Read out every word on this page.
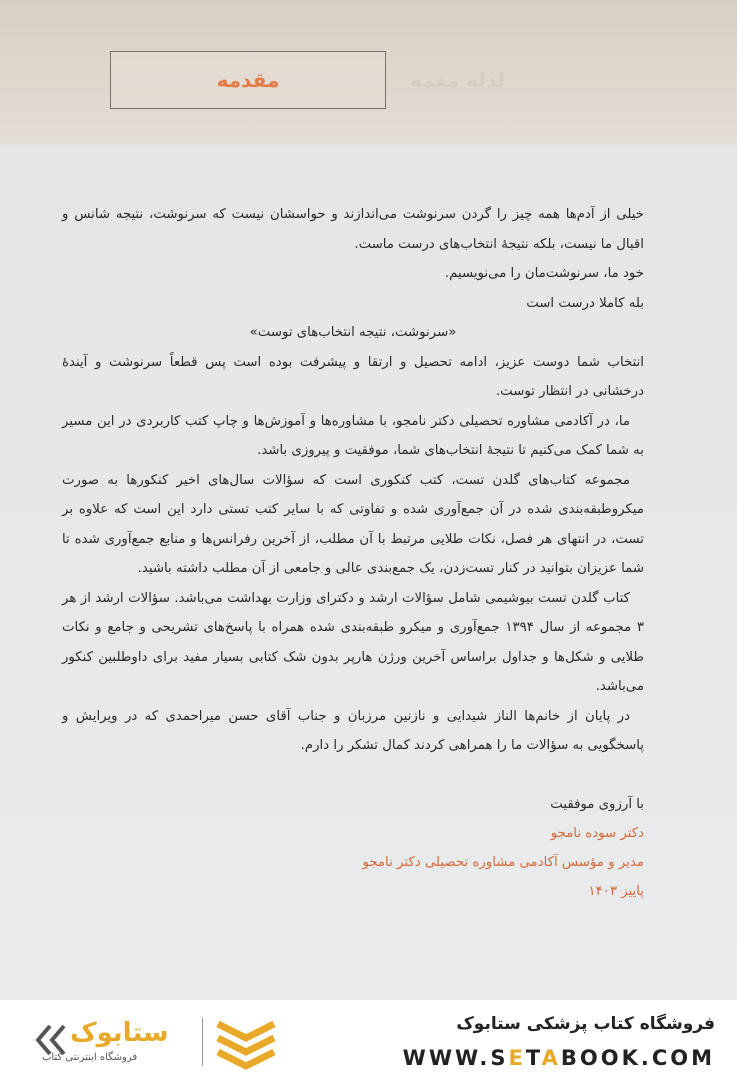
لدله معمه
مقدمه

خیلی از آدم‌ها همه چیز را گردن سرنوشت می‌اندازند و حواسشان نیست که سرنوشت، نتیجه شانس و اقبال ما نیست، بلکه نتیجهٔ انتخاب‌های درست ماست.

خود ما، سرنوشت‌مان را می‌نویسیم.

بله کاملا درست است

«سرنوشت، نتیجه انتخاب‌های توست»

انتخاب شما دوست عزیز، ادامه تحصیل و ارتقا و پیشرفت بوده است پس قطعاً سرنوشت و آیندهٔ درخشانی در انتظار توست.

ما، در آکادمی مشاوره تحصیلی دکتر نامجو، با مشاوره‌ها و آموزش‌ها و چاپ کتب کاربردی در این مسیر به شما کمک می‌کنیم تا نتیجهٔ انتخاب‌های شما، موفقیت و پیروزی باشد.

مجموعه کتاب‌های گلدن تست، کتب کنکوری است که سؤالات سال‌های اخیر کنکورها به صورت میکروطبقه‌بندی شده در آن جمع‌آوری شده و تفاوتی که با سایر کتب تستی دارد این است که علاوه بر تست، در انتهای هر فصل، نکات طلایی مرتبط با آن مطلب، از آخرین رفرانس‌ها و منابع جمع‌آوری شده تا شما عزیزان بتوانید در کنار تست‌زدن، یک جمع‌بندی عالی و جامعی از آن مطلب داشته باشید.

کتاب گلدن تست بیوشیمی شامل سؤالات ارشد و دکترای وزارت بهداشت می‌باشد. سؤالات ارشد از هر ۳ مجموعه از سال ۱۳۹۴ جمع‌آوری و میکرو طبقه‌بندی شده همراه با پاسخ‌های تشریحی و جامع و نکات طلایی و شکل‌ها و جداول براساس آخرین ورژن هارپر بدون شک کتابی بسیار مفید برای داوطلبین کنکور می‌باشد.

در پایان از خانم‌ها الناز شیدایی و نازنین مرزبان و جناب آقای حسن میراحمدی که در ویرایش و پاسخگویی به سؤالات ما را همراهی کردند کمال تشکر را دارم.

با آرزوی موفقیت

دکتر سوده نامجو

مدیر و مؤسس آکادمی مشاوره تحصیلی دکتر نامجو

پاییز ۱۴۰۳

ستابوک
فروشگاه اینترنتی کتاب
فروشگاه کتاب پزشکی ستابوک
WWW.SETABOOK.COM
